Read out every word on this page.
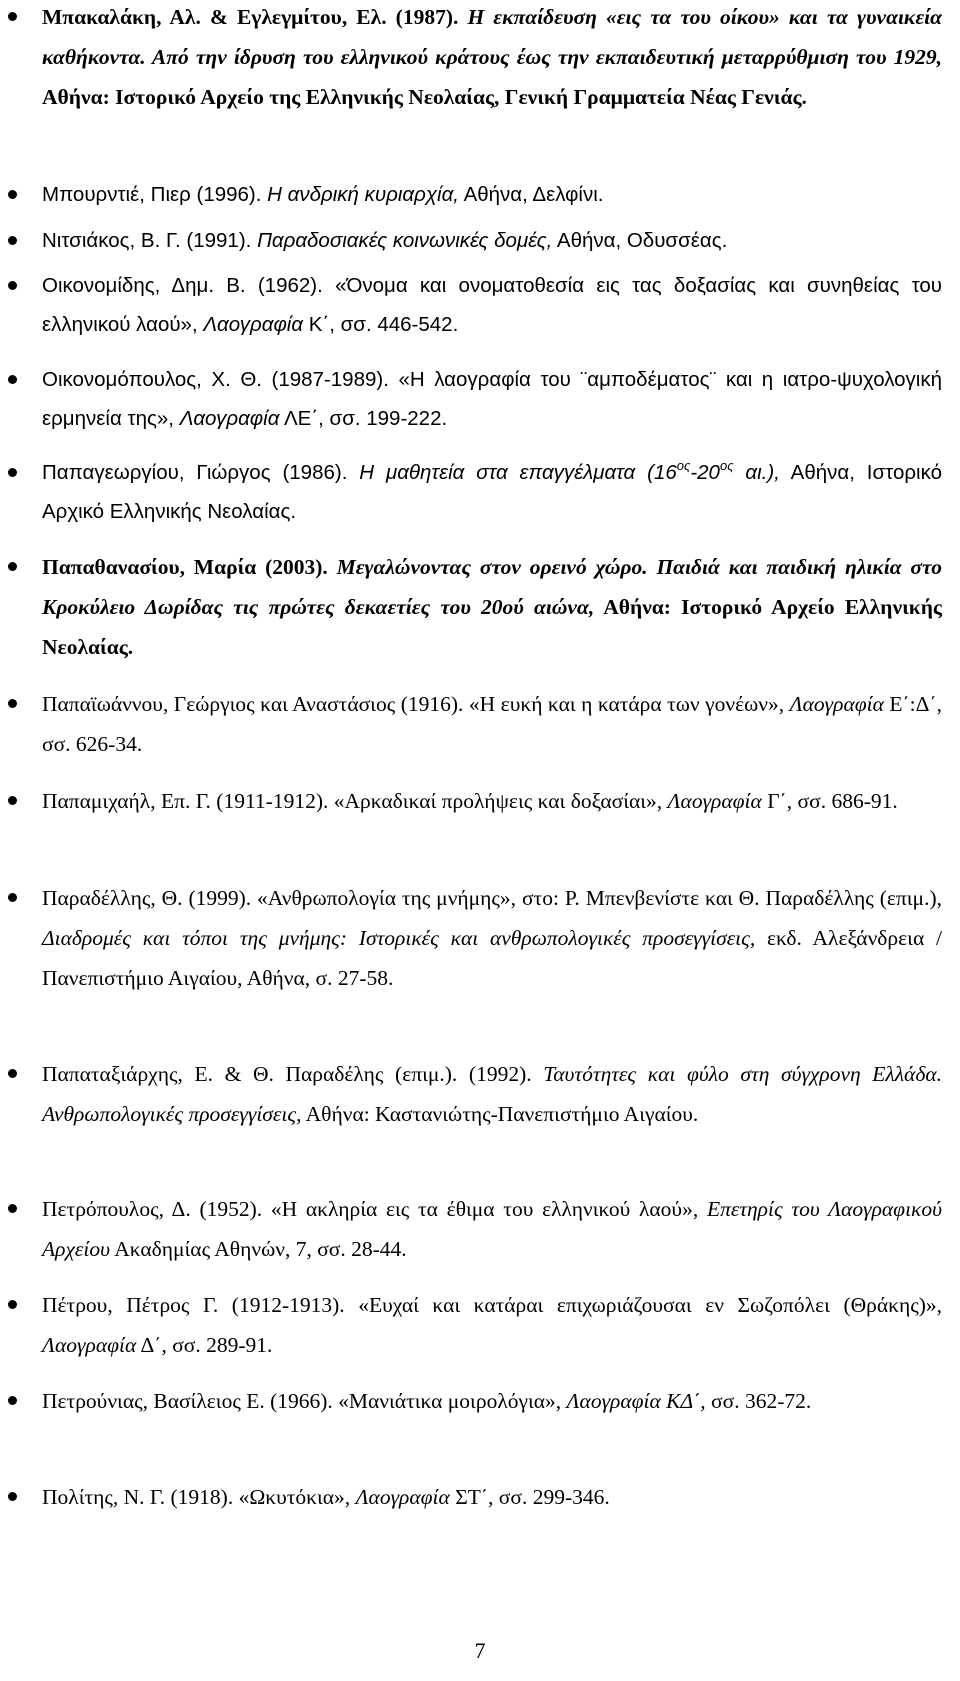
Μπακαλάκη, Αλ. & Εγλεγμίτου, Ελ. (1987). Η εκπαίδευση «εις τα του οίκου» και τα γυναικεία καθήκοντα. Από την ίδρυση του ελληνικού κράτους έως την εκπαιδευτική μεταρρύθμιση του 1929, Αθήνα: Ιστορικό Αρχείο της Ελληνικής Νεολαίας, Γενική Γραμματεία Νέας Γενιάς.
Μπουρντιέ, Πιερ (1996). Η ανδρική κυριαρχία, Αθήνα, Δελφίνι.
Νιτσιάκος, Β. Γ. (1991). Παραδοσιακές κοινωνικές δομές, Αθήνα, Οδυσσέας.
Οικονομίδης, Δημ. Β. (1962). «Όνομα και ονοματοθεσία εις τας δοξασίας και συνηθείας του ελληνικού λαού», Λαογραφία Κ΄, σσ. 446-542.
Οικονομόπουλος, Χ. Θ. (1987-1989). «Η λαογραφία του ¨αμποδέματος¨ και η ιατρο-ψυχολογική ερμηνεία της», Λαογραφία ΛΕ΄, σσ. 199-222.
Παπαγεωργίου, Γιώργος (1986). Η μαθητεία στα επαγγέλματα ($16^{o\varsigma}-20^{o\varsigma}$ αι.), Αθήνα, Ιστορικό Αρχικό Ελληνικής Νεολαίας.
Παπαθανασίου, Μαρία (2003). Μεγαλώνοντας στον ορεινό χώρο. Παιδιά και παιδική ηλικία στο Κροκύλειο Δωρίδας τις πρώτες δεκαετίες του 20ού αιώνα, Αθήνα: Ιστορικό Αρχείο Ελληνικής Νεολαίας.
Παπαϊωάννου, Γεώργιος και Αναστάσιος (1916). «Η ευκή και η κατάρα των γονέων», Λαογραφία Ε΄:Δ΄, σσ. 626-34.
Παπαμιχαήλ, Επ. Γ. (1911-1912). «Αρκαδικαί προλήψεις και δοξασίαι», Λαογραφία Γ΄, σσ. 686-91.
Παραδέλλης, Θ. (1999). «Ανθρωπολογία της μνήμης», στο: Ρ. Μπενβενίστε και Θ. Παραδέλλης (επιμ.), Διαδρομές και τόποι της μνήμης: Ιστορικές και ανθρωπολογικές προσεγγίσεις, εκδ. Αλεξάνδρεια / Πανεπιστήμιο Αιγαίου, Αθήνα, σ. 27-58.
Παπαταξιάρχης, Ε. & Θ. Παραδέλης (επιμ.). (1992). Ταυτότητες και φύλο στη σύγχρονη Ελλάδα. Ανθρωπολογικές προσεγγίσεις, Αθήνα: Καστανιώτης-Πανεπιστήμιο Αιγαίου.
Πετρόπουλος, Δ. (1952). «Η ακληρία εις τα έθιμα του ελληνικού λαού», Επετηρίς του Λαογραφικού Αρχείου Ακαδημίας Αθηνών, 7, σσ. 28-44.
Πέτρου, Πέτρος Γ. (1912-1913). «Ευχαί και κατάραι επιχωριάζουσαι εν Σωζοπόλει (Θράκης)», Λαογραφία Δ΄, σσ. 289-91.
Πετρούνιας, Βασίλειος Ε. (1966). «Μανιάτικα μοιρολόγια», Λαογραφία ΚΔ΄, σσ. 362-72.
Πολίτης, Ν. Γ. (1918). «Ωκυτόκια», Λαογραφία ΣΤ΄, σσ. 299-346.
7
